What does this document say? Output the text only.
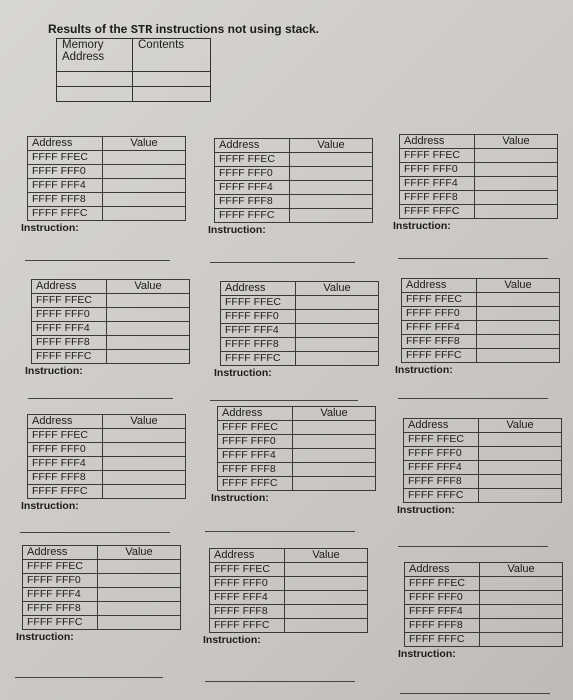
Results of the STR instructions not using stack.
Memory Address	Contents

Address	Value
FFFF FFEC	
FFFF FFF0	
FFFF FFF4	
FFFF FFF8	
FFFF FFFC	
Instruction:
Address	Value
FFFF FFEC	
FFFF FFF0	
FFFF FFF4	
FFFF FFF8	
FFFF FFFC	
Instruction:
Address	Value
FFFF FFEC	
FFFF FFF0	
FFFF FFF4	
FFFF FFF8	
FFFF FFFC	
Instruction:
Address	Value
FFFF FFEC	
FFFF FFF0	
FFFF FFF4	
FFFF FFF8	
FFFF FFFC	
Instruction:
Address	Value
FFFF FFEC	
FFFF FFF0	
FFFF FFF4	
FFFF FFF8	
FFFF FFFC	
Instruction:
Address	Value
FFFF FFEC	
FFFF FFF0	
FFFF FFF4	
FFFF FFF8	
FFFF FFFC	
Instruction:
Address	Value
FFFF FFEC	
FFFF FFF0	
FFFF FFF4	
FFFF FFF8	
FFFF FFFC	
Instruction:
Address	Value
FFFF FFEC	
FFFF FFF0	
FFFF FFF4	
FFFF FFF8	
FFFF FFFC	
Instruction:
Address	Value
FFFF FFEC	
FFFF FFF0	
FFFF FFF4	
FFFF FFF8	
FFFF FFFC	
Instruction:
Address	Value
FFFF FFEC	
FFFF FFF0	
FFFF FFF4	
FFFF FFF8	
FFFF FFFC	
Instruction:
Address	Value
FFFF FFEC	
FFFF FFF0	
FFFF FFF4	
FFFF FFF8	
FFFF FFFC	
Instruction:
Address	Value
FFFF FFEC	
FFFF FFF0	
FFFF FFF4	
FFFF FFF8	
FFFF FFFC	
Instruction:
